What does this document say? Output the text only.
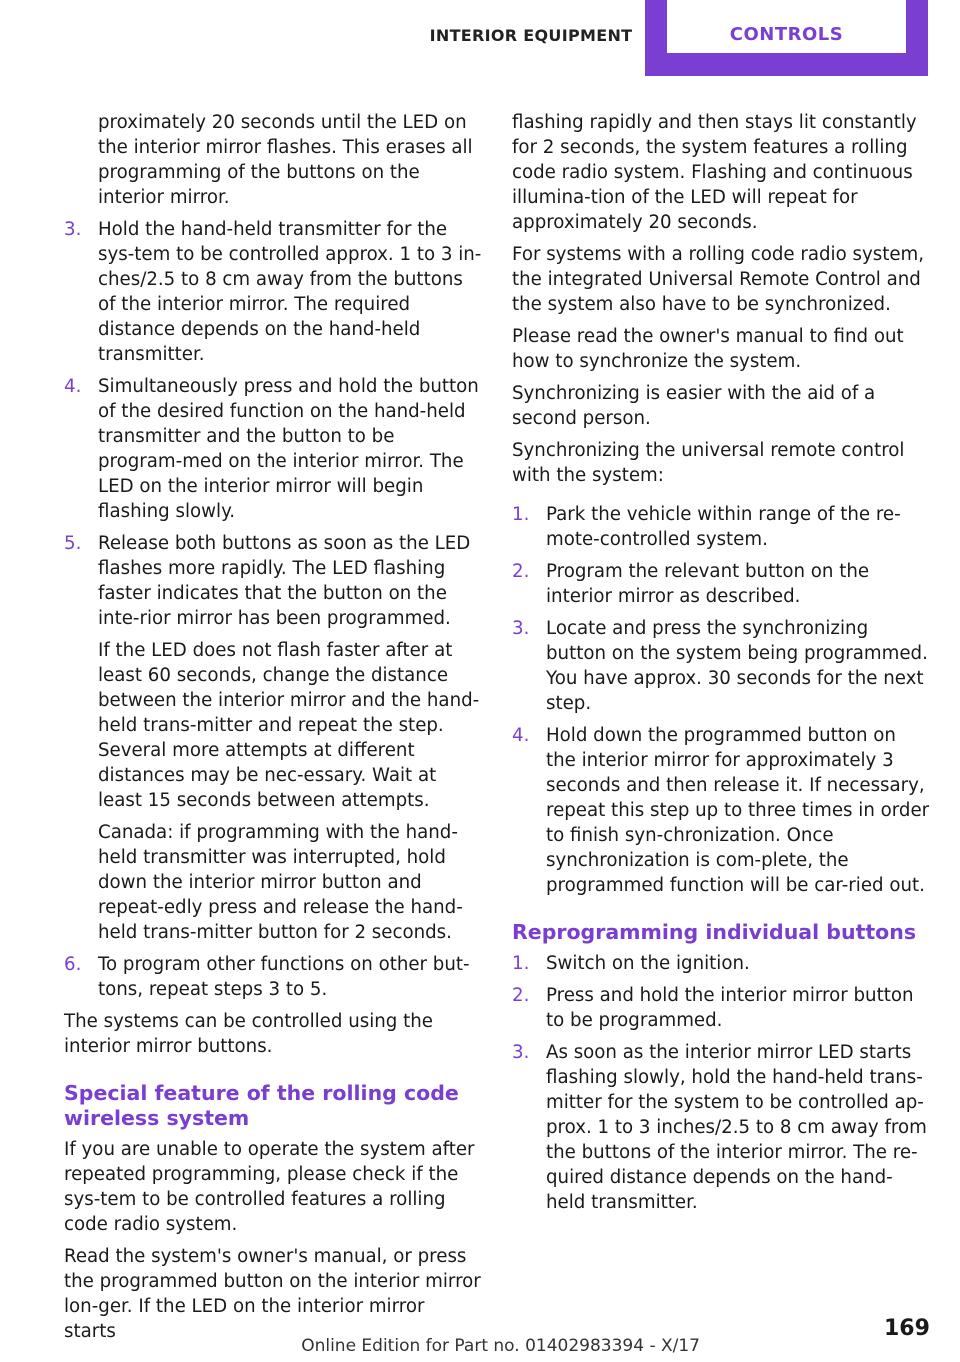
INTERIOR EQUIPMENT	CONTROLS
proximately 20 seconds until the LED on the interior mirror flashes. This erases all programming of the buttons on the interior mirror.
3. Hold the hand-held transmitter for the sys-tem to be controlled approx. 1 to 3 in-ches/2.5 to 8 cm away from the buttons of the interior mirror. The required distance depends on the hand-held transmitter.
4. Simultaneously press and hold the button of the desired function on the hand-held transmitter and the button to be program-med on the interior mirror. The LED on the interior mirror will begin flashing slowly.
5. Release both buttons as soon as the LED flashes more rapidly. The LED flashing faster indicates that the button on the inte-rior mirror has been programmed.
If the LED does not flash faster after at least 60 seconds, change the distance between the interior mirror and the hand-held trans-mitter and repeat the step. Several more attempts at different distances may be nec-essary. Wait at least 15 seconds between attempts.
Canada: if programming with the hand-held transmitter was interrupted, hold down the interior mirror button and repeat-edly press and release the hand-held trans-mitter button for 2 seconds.
6. To program other functions on other but-tons, repeat steps 3 to 5.
The systems can be controlled using the interior mirror buttons.
Special feature of the rolling code wireless system
If you are unable to operate the system after repeated programming, please check if the sys-tem to be controlled features a rolling code radio system.
Read the system's owner's manual, or press the programmed button on the interior mirror lon-ger. If the LED on the interior mirror starts
flashing rapidly and then stays lit constantly for 2 seconds, the system features a rolling code radio system. Flashing and continuous illumina-tion of the LED will repeat for approximately 20 seconds.
For systems with a rolling code radio system, the integrated Universal Remote Control and the system also have to be synchronized.
Please read the owner's manual to find out how to synchronize the system.
Synchronizing is easier with the aid of a second person.
Synchronizing the universal remote control with the system:
1. Park the vehicle within range of the re-mote-controlled system.
2. Program the relevant button on the interior mirror as described.
3. Locate and press the synchronizing button on the system being programmed. You have approx. 30 seconds for the next step.
4. Hold down the programmed button on the interior mirror for approximately 3 seconds and then release it. If necessary, repeat this step up to three times in order to finish syn-chronization. Once synchronization is com-plete, the programmed function will be car-ried out.
Reprogramming individual buttons
1. Switch on the ignition.
2. Press and hold the interior mirror button to be programmed.
3. As soon as the interior mirror LED starts flashing slowly, hold the hand-held trans-mitter for the system to be controlled ap-prox. 1 to 3 inches/2.5 to 8 cm away from the buttons of the interior mirror. The re-quired distance depends on the hand-held transmitter.
Online Edition for Part no. 01402983394 - X/17
169
